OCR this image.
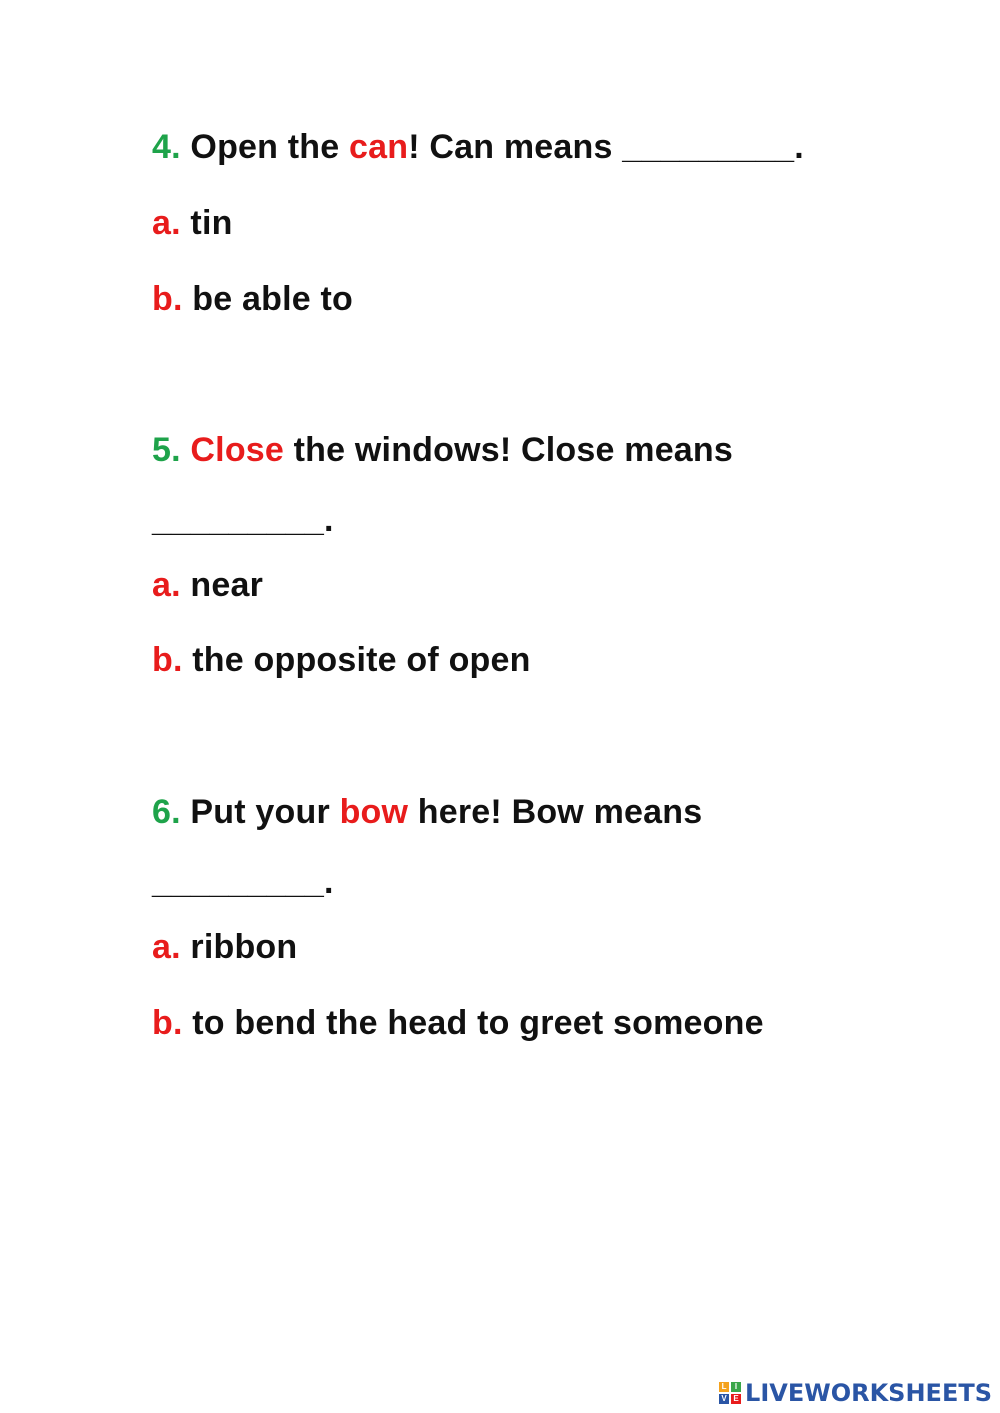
4. Open the can! Can means _________.
a. tin
b. be able to
5. Close the windows! Close means
_________.
a. near
b. the opposite of open
6. Put your bow here! Bow means
_________.
a. ribbon
b. to bend the head to greet someone
L	I
V E LIVEWORKSHEETS
